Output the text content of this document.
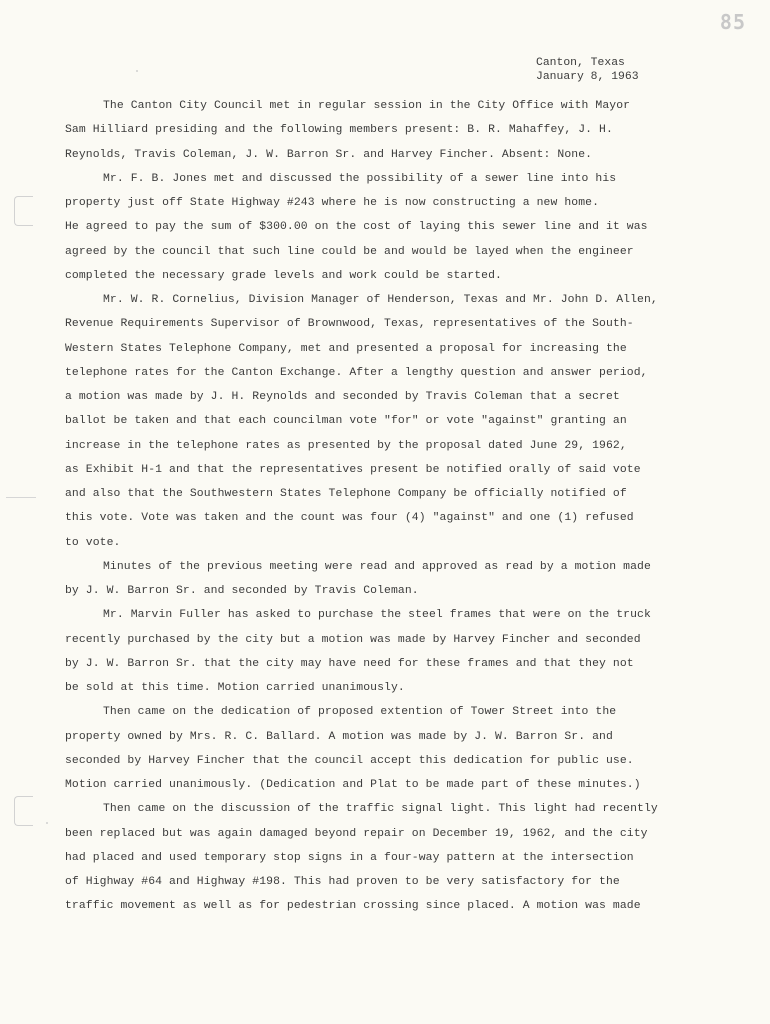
85
Canton, Texas
January 8, 1963
The Canton City Council met in regular session in the City Office with Mayor
Sam Hilliard presiding and the following members present: B. R. Mahaffey, J. H.
Reynolds, Travis Coleman, J. W. Barron Sr. and Harvey Fincher. Absent: None.
Mr. F. B. Jones met and discussed the possibility of a sewer line into his
property just off State Highway #243 where he is now constructing a new home.
He agreed to pay the sum of $300.00 on the cost of laying this sewer line and it was
agreed by the council that such line could be and would be layed when the engineer
completed the necessary grade levels and work could be started.
Mr. W. R. Cornelius, Division Manager of Henderson, Texas and Mr. John D. Allen,
Revenue Requirements Supervisor of Brownwood, Texas, representatives of the South-
Western States Telephone Company, met and presented a proposal for increasing the
telephone rates for the Canton Exchange. After a lengthy question and answer period,
a motion was made by J. H. Reynolds and seconded by Travis Coleman that a secret
ballot be taken and that each councilman vote "for" or vote "against" granting an
increase in the telephone rates as presented by the proposal dated June 29, 1962,
as Exhibit H-1 and that the representatives present be notified orally of said vote
and also that the Southwestern States Telephone Company be officially notified of
this vote. Vote was taken and the count was four (4) "against" and one (1) refused
to vote.
Minutes of the previous meeting were read and approved as read by a motion made
by J. W. Barron Sr. and seconded by Travis Coleman.
Mr. Marvin Fuller has asked to purchase the steel frames that were on the truck
recently purchased by the city but a motion was made by Harvey Fincher and seconded
by J. W. Barron Sr. that the city may have need for these frames and that they not
be sold at this time. Motion carried unanimously.
Then came on the dedication of proposed extention of Tower Street into the
property owned by Mrs. R. C. Ballard. A motion was made by J. W. Barron Sr. and
seconded by Harvey Fincher that the council accept this dedication for public use.
Motion carried unanimously. (Dedication and Plat to be made part of these minutes.)
Then came on the discussion of the traffic signal light. This light had recently
been replaced but was again damaged beyond repair on December 19, 1962, and the city
had placed and used temporary stop signs in a four-way pattern at the intersection
of Highway #64 and Highway #198. This had proven to be very satisfactory for the
traffic movement as well as for pedestrian crossing since placed. A motion was made
